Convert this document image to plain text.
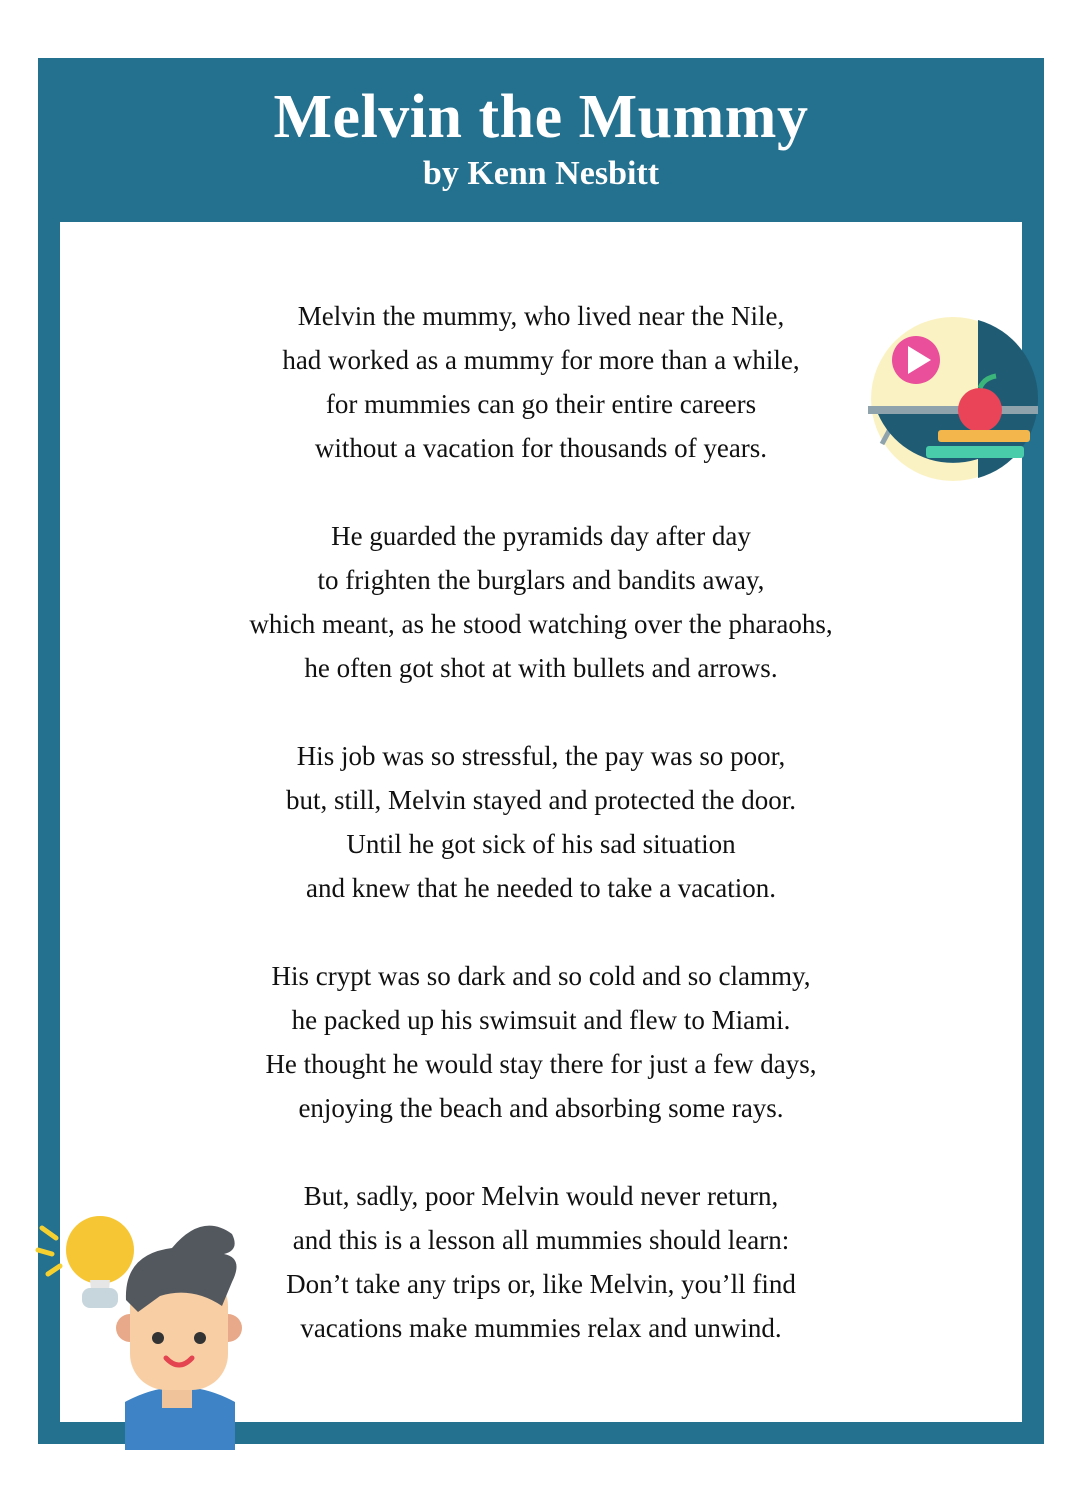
Melvin the Mummy
by Kenn Nesbitt
Melvin the mummy, who lived near the Nile,
had worked as a mummy for more than a while,
for mummies can go their entire careers
without a vacation for thousands of years.
He guarded the pyramids day after day
to frighten the burglars and bandits away,
which meant, as he stood watching over the pharaohs,
he often got shot at with bullets and arrows.
His job was so stressful, the pay was so poor,
but, still, Melvin stayed and protected the door.
Until he got sick of his sad situation
and knew that he needed to take a vacation.
His crypt was so dark and so cold and so clammy,
he packed up his swimsuit and flew to Miami.
He thought he would stay there for just a few days,
enjoying the beach and absorbing some rays.
But, sadly, poor Melvin would never return,
and this is a lesson all mummies should learn:
Don’t take any trips or, like Melvin, you’ll find
vacations make mummies relax and unwind.
